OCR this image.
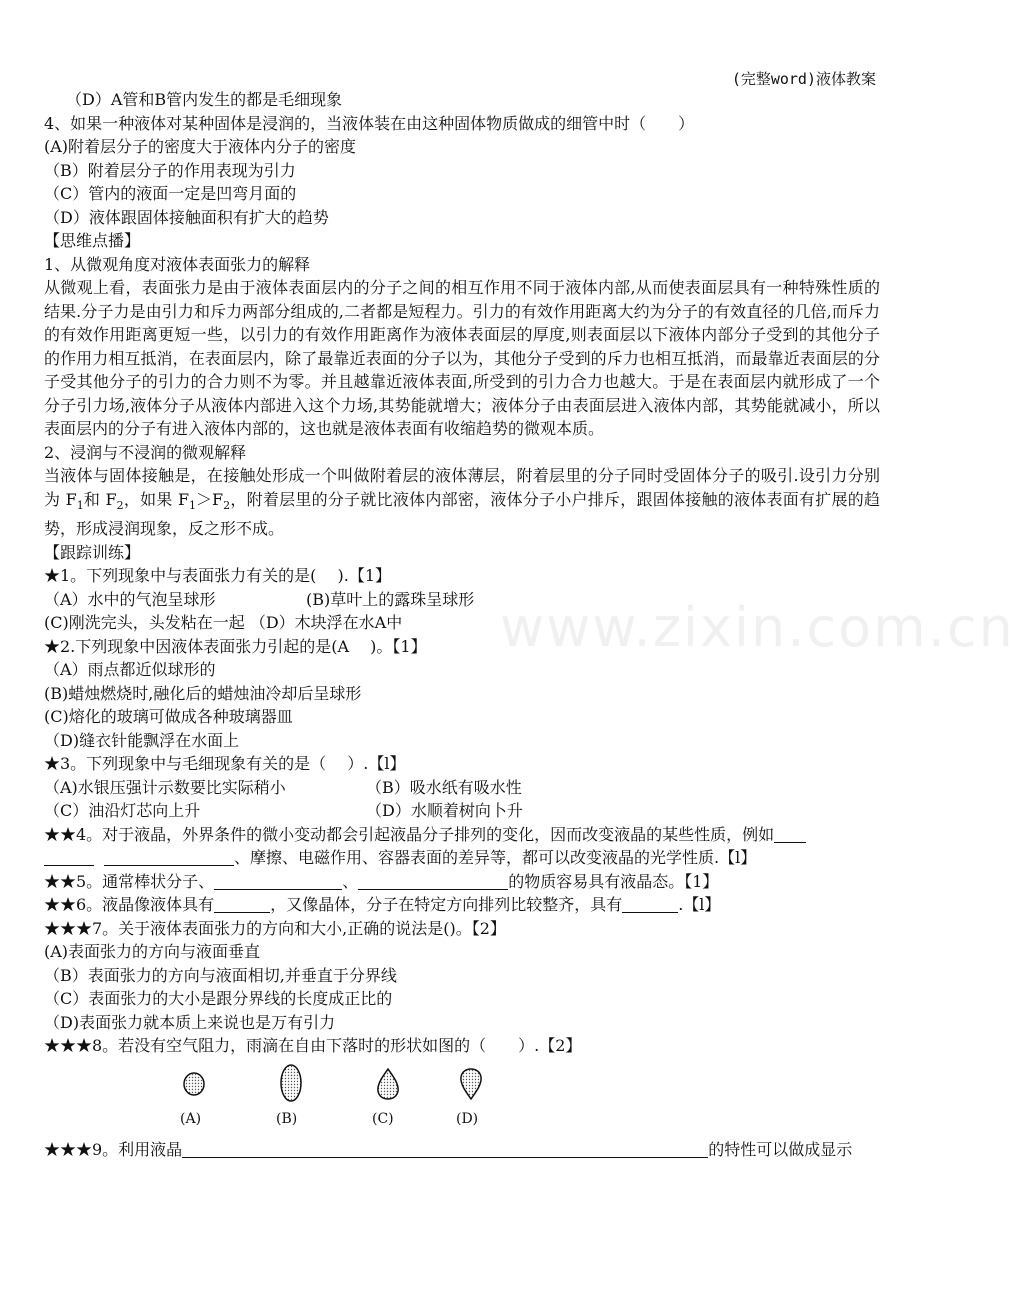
(完整word)液体教案
www.zixin.com.cn
（D）A管和B管内发生的都是毛细现象
4、如果一种液体对某种固体是浸润的，当液体装在由这种固体物质做成的细管中时（　　）
(A)附着层分子的密度大于液体内分子的密度
（B）附着层分子的作用表现为引力
（C）管内的液面一定是凹弯月面的
（D）液体跟固体接触面积有扩大的趋势
【思维点播】
1、从微观角度对液体表面张力的解释
从微观上看，表面张力是由于液体表面层内的分子之间的相互作用不同于液体内部,从而使表面层具有一种特殊性质的结果.分子力是由引力和斥力两部分组成的,二者都是短程力。引力的有效作用距离大约为分子的有效直径的几倍,而斥力的有效作用距离更短一些，以引力的有效作用距离作为液体表面层的厚度,则表面层以下液体内部分子受到的其他分子的作用力相互抵消，在表面层内，除了最靠近表面的分子以为，其他分子受到的斥力也相互抵消，而最靠近表面层的分子受其他分子的引力的合力则不为零。并且越靠近液体表面,所受到的引力合力也越大。于是在表面层内就形成了一个分子引力场,液体分子从液体内部进入这个力场,其势能就增大；液体分子由表面层进入液体内部，其势能就减小，所以表面层内的分子有进入液体内部的，这也就是液体表面有收缩趋势的微观本质。
2、浸润与不浸润的微观解释
当液体与固体接触是，在接触处形成一个叫做附着层的液体薄层，附着层里的分子同时受固体分子的吸引.设引力分别为 $F_1$和 $F_2$，如果 $F_1>F_2$，附着层里的分子就比液体内部密，液体分子小户排斥，跟固体接触的液体表面有扩展的趋势，形成浸润现象，反之形不成。
【跟踪训练】
★1。下列现象中与表面张力有关的是(　 ).【1】
（A）水中的气泡呈球形	(B)草叶上的露珠呈球形
(C)刚洗完头，头发粘在一起 （D）木块浮在水A中
★2.下列现象中因液体表面张力引起的是(A　 )。【1】
（A）雨点都近似球形的
(B)蜡烛燃烧时,融化后的蜡烛油冷却后呈球形
(C)熔化的玻璃可做成各种玻璃器皿
（D)缝衣针能飘浮在水面上
★3。下列现象中与毛细现象有关的是（　 ）.【l】
（A)水银压强计示数要比实际稍小	（B）吸水纸有吸水性
（C）油沿灯芯向上升	（D）水顺着树向卜升
★★4。对于液晶，外界条件的微小变动都会引起液晶分子排列的变化，因而改变液晶的某些性质，例如
、摩擦、电磁作用、容器表面的差异等，都可以改变液晶的光学性质.【l】
★★5。通常棒状分子、	、	的物质容易具有液晶态。【1】
★★6。液晶像液体具有	，又像晶体，分子在特定方向排列比较整齐，具有	.【l】
★★★7。关于液体表面张力的方向和大小,正确的说法是()。【2】
(A)表面张力的方向与液面垂直
（B）表面张力的方向与液面相切,并垂直于分界线
（C）表面张力的大小是跟分界线的长度成正比的
（D)表面张力就本质上来说也是万有引力
★★★8。若没有空气阻力，雨滴在自由下落时的形状如图的（　　）.【2】
(A)	(B)	(C)	(D)
★★★9。利用液晶	的特性可以做成显示
